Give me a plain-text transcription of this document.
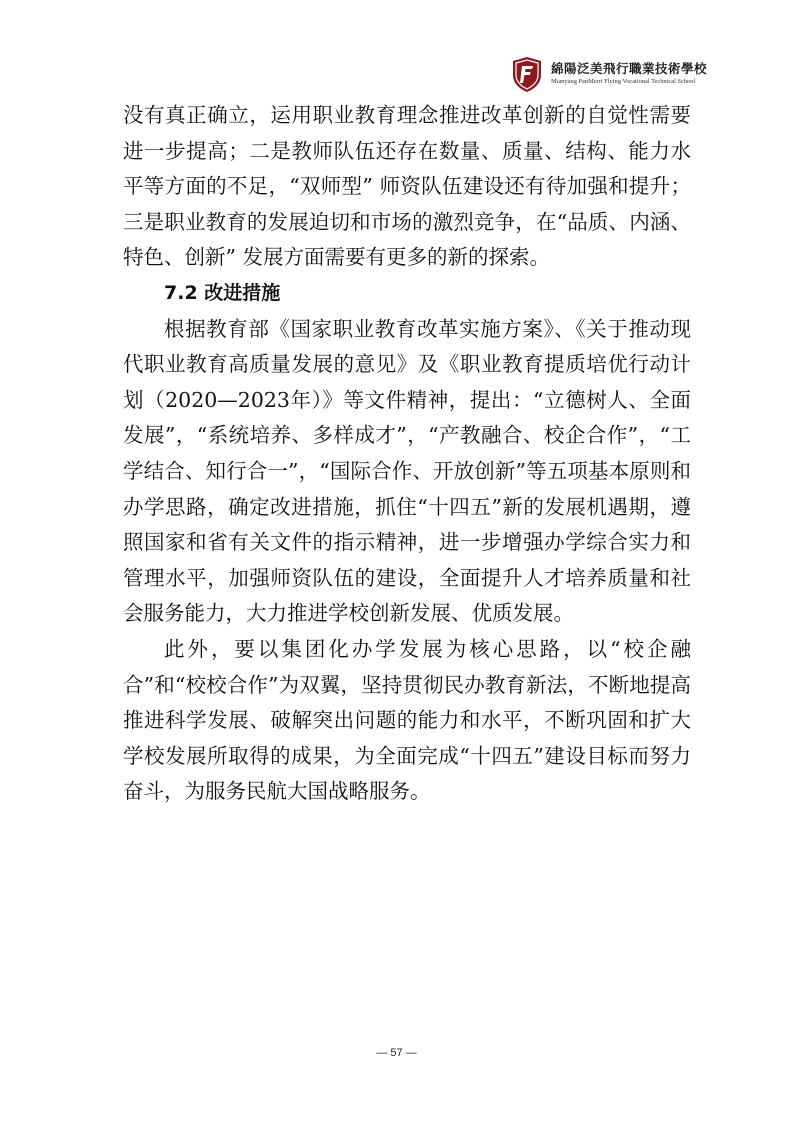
綿陽泛美飛行職業技術學校
Mianyang PanMerri Flying Vocational Technical School

没有真正确立，运用职业教育理念推进改革创新的自觉性需要进一步提高；二是教师队伍还存在数量、质量、结构、能力水平等方面的不足，“双师型” 师资队伍建设还有待加强和提升；三是职业教育的发展迫切和市场的激烈竞争，在“品质、内涵、特色、创新” 发展方面需要有更多的新的探索。

7.2 改进措施

根据教育部《国家职业教育改革实施方案》、《关于推动现代职业教育高质量发展的意见》及《职业教育提质培优行动计划（2020—2023年）》等文件精神，提出：“立德树人、全面发展”，“系统培养、多样成才”，“产教融合、校企合作”，“工学结合、知行合一”，“国际合作、开放创新”等五项基本原则和办学思路，确定改进措施，抓住“十四五”新的发展机遇期，遵照国家和省有关文件的指示精神，进一步增强办学综合实力和管理水平，加强师资队伍的建设，全面提升人才培养质量和社会服务能力，大力推进学校创新发展、优质发展。

此外，要以集团化办学发展为核心思路，以“校企融合”和“校校合作”为双翼，坚持贯彻民办教育新法，不断地提高推进科学发展、破解突出问题的能力和水平，不断巩固和扩大学校发展所取得的成果，为全面完成“十四五”建设目标而努力奋斗，为服务民航大国战略服务。

— 57 —
